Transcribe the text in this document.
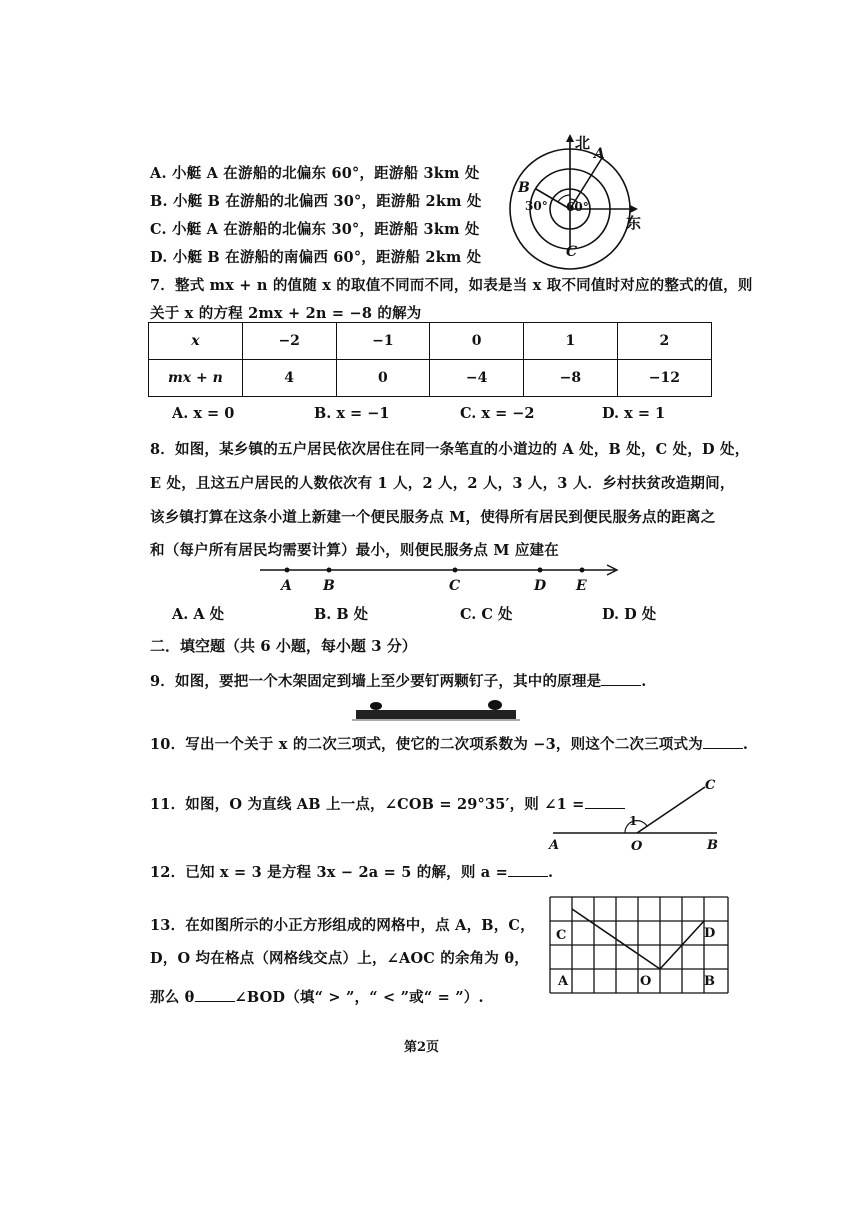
A. 小艇 A 在游船的北偏东 60°，距游船 3km 处
B. 小艇 B 在游船的北偏西 30°，距游船 2km 处
C. 小艇 A 在游船的北偏东 30°，距游船 3km 处
D. 小艇 B 在游船的南偏西 60°，距游船 2km 处
北
东
A
B
C
30° 60°
7．整式 mx + n 的值随 x 的取值不同而不同，如表是当 x 取不同值时对应的整式的值，则
关于 x 的方程 2mx + 2n = −8 的解为
x	−2	−1	0	1	2
mx + n	4	0	−4	−8	−12
A. x = 0	B. x = −1	C. x = −2	D. x = 1
8．如图，某乡镇的五户居民依次居住在同一条笔直的小道边的 A 处，B 处，C 处，D 处，
E 处，且这五户居民的人数依次有 1 人，2 人，2 人，3 人，3 人．乡村扶贫改造期间，
该乡镇打算在这条小道上新建一个便民服务点 M，使得所有居民到便民服务点的距离之
和（每户所有居民均需要计算）最小，则便民服务点 M 应建在
A B	C	D E
A. A 处	B. B 处	C. C 处	D. D 处
二．填空题（共 6 小题，每小题 3 分）
9．如图，要把一个木架固定到墙上至少要钉两颗钉子，其中的原理是	.
10．写出一个关于 x 的二次三项式，使它的二次项系数为 −3，则这个二次三项式为	.
11．如图，O 为直线 AB 上一点，∠COB = 29°35′，则 ∠1 =
A	O	B
C
1
12．已知 x = 3 是方程 3x − 2a = 5 的解，则 a =	.
13．在如图所示的小正方形组成的网格中，点 A，B，C，
D，O 均在格点（网格线交点）上，∠AOC 的余角为 θ，
那么 θ	∠BOD（填“ > ”，“ < ”或“ = ”）.
C	D
A	O	B
第2页
